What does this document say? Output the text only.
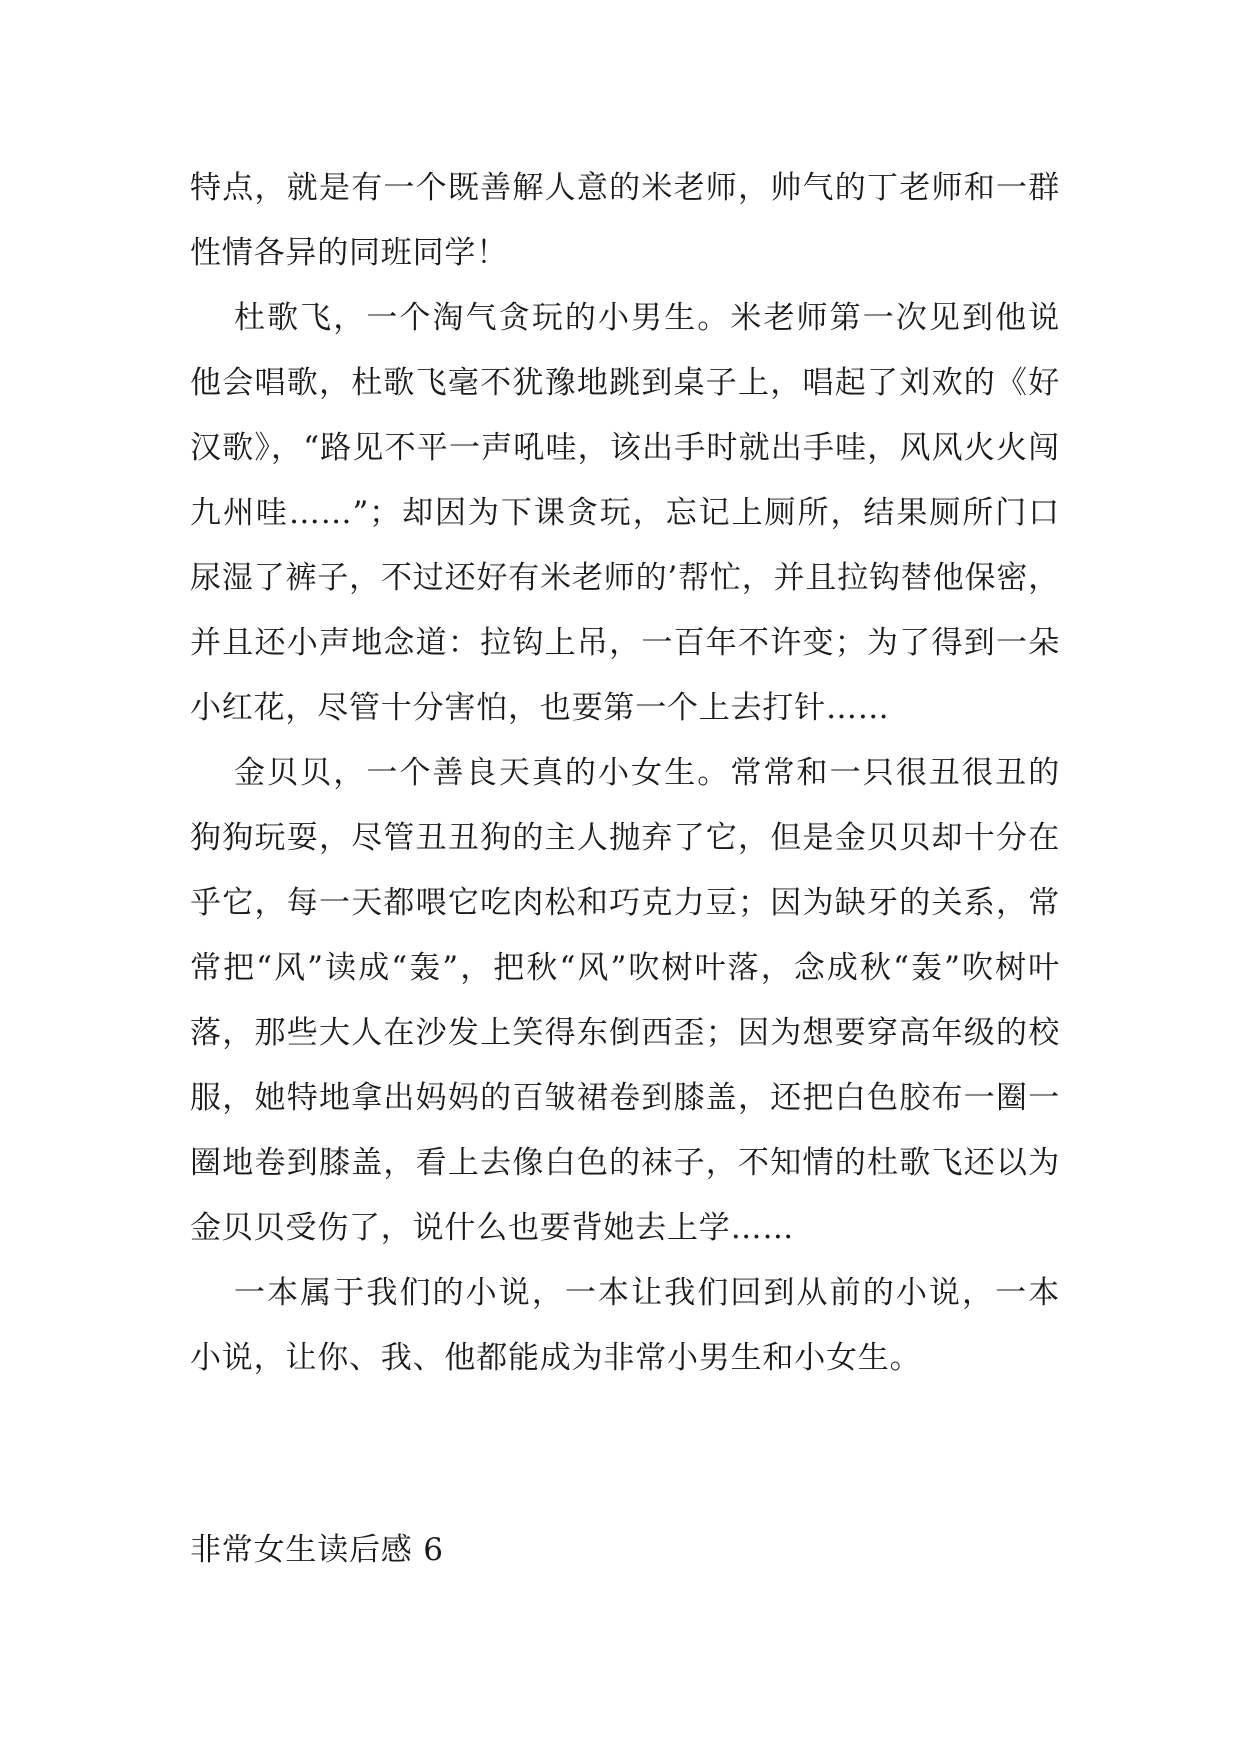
特点，就是有一个既善解人意的米老师，帅气的丁老师和一群性情各异的同班同学！

杜歌飞，一个淘气贪玩的小男生。米老师第一次见到他说他会唱歌，杜歌飞毫不犹豫地跳到桌子上，唱起了刘欢的《好汉歌》，“路见不平一声吼哇，该出手时就出手哇，风风火火闯九州哇……”；却因为下课贪玩，忘记上厕所，结果厕所门口尿湿了裤子，不过还好有米老师的’帮忙，并且拉钩替他保密，并且还小声地念道：拉钩上吊，一百年不许变；为了得到一朵小红花，尽管十分害怕，也要第一个上去打针……

金贝贝，一个善良天真的小女生。常常和一只很丑很丑的狗狗玩耍，尽管丑丑狗的主人抛弃了它，但是金贝贝却十分在乎它，每一天都喂它吃肉松和巧克力豆；因为缺牙的关系，常常把“风”读成“轰”，把秋“风”吹树叶落，念成秋“轰”吹树叶落，那些大人在沙发上笑得东倒西歪；因为想要穿高年级的校服，她特地拿出妈妈的百皱裙卷到膝盖，还把白色胶布一圈一圈地卷到膝盖，看上去像白色的袜子，不知情的杜歌飞还以为金贝贝受伤了，说什么也要背她去上学……

一本属于我们的小说，一本让我们回到从前的小说，一本小说，让你、我、他都能成为非常小男生和小女生。

非常女生读后感 6
